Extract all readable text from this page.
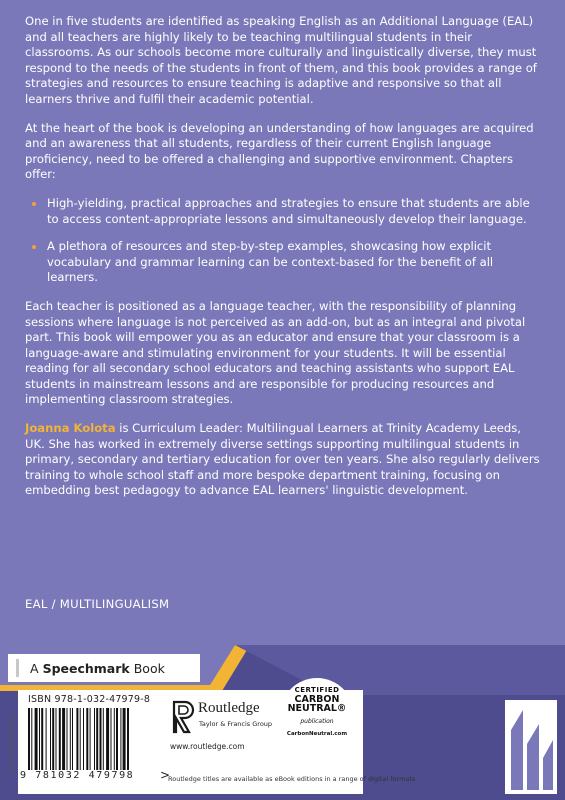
One in five students are identified as speaking English as an Additional Language (EAL) and all teachers are highly likely to be teaching multilingual students in their classrooms. As our schools become more culturally and linguistically diverse, they must respond to the needs of the students in front of them, and this book provides a range of strategies and resources to ensure teaching is adaptive and responsive so that all learners thrive and fulfil their academic potential.

At the heart of the book is developing an understanding of how languages are acquired and an awareness that all students, regardless of their current English language proficiency, need to be offered a challenging and supportive environment. Chapters offer:

High-yielding, practical approaches and strategies to ensure that students are able to access content-appropriate lessons and simultaneously develop their language.
A plethora of resources and step-by-step examples, showcasing how explicit vocabulary and grammar learning can be context-based for the benefit of all learners.

Each teacher is positioned as a language teacher, with the responsibility of planning sessions where language is not perceived as an add-on, but as an integral and pivotal part. This book will empower you as an educator and ensure that your classroom is a language-aware and stimulating environment for your students. It will be essential reading for all secondary school educators and teaching assistants who support EAL students in mainstream lessons and are responsible for producing resources and implementing classroom strategies.

Joanna Kolota is Curriculum Leader: Multilingual Learners at Trinity Academy Leeds, UK. She has worked in extremely diverse settings supporting multilingual students in primary, secondary and tertiary education for over ten years. She also regularly delivers training to whole school staff and more bespoke department training, focusing on embedding best pedagogy to advance EAL learners' linguistic development.

EAL / MULTILINGUALISM
A Speechmark Book
an informa business
ISBN 978-1-032-47979-8
9 781032 479798 >
Routledge
Taylor & Francis Group
www.routledge.com
CERTIFIED
CARBON NEUTRAL®
publication
CarbonNeutral.com
Routledge titles are available as eBook editions in a range of digital formats
